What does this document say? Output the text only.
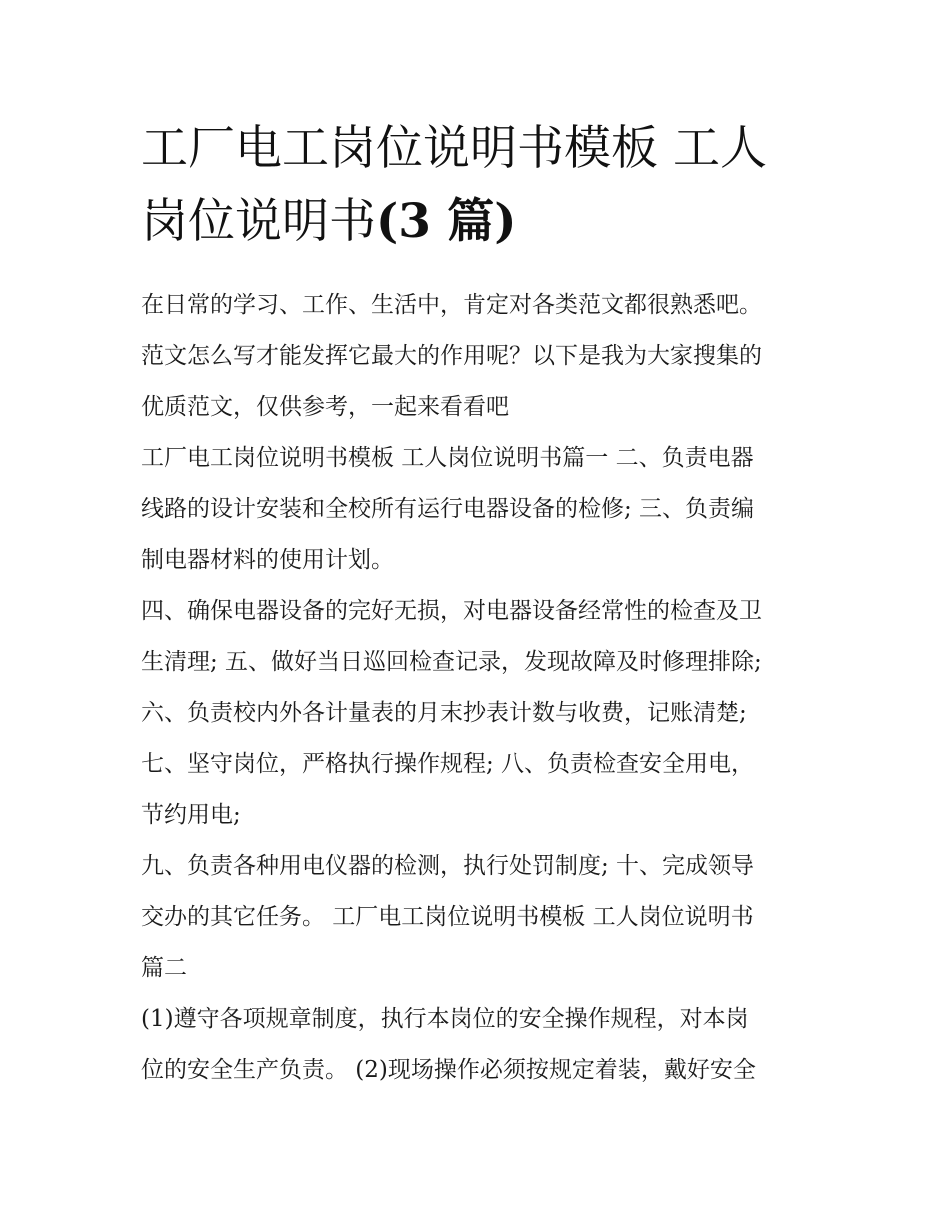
工厂电工岗位说明书模板 工人
岗位说明书(3 篇)

在日常的学习、工作、生活中，肯定对各类范文都很熟悉吧。
范文怎么写才能发挥它最大的作用呢？以下是我为大家搜集的
优质范文，仅供参考，一起来看看吧

工厂电工岗位说明书模板 工人岗位说明书篇一 二、负责电器
线路的设计安装和全校所有运行电器设备的检修; 三、负责编
制电器材料的使用计划。

四、确保电器设备的完好无损，对电器设备经常性的检查及卫
生清理; 五、做好当日巡回检查记录，发现故障及时修理排除;
六、负责校内外各计量表的月末抄表计数与收费，记账清楚;
七、坚守岗位，严格执行操作规程; 八、负责检查安全用电，
节约用电;

九、负责各种用电仪器的检测，执行处罚制度; 十、完成领导
交办的其它任务。 工厂电工岗位说明书模板 工人岗位说明书
篇二

(1)遵守各项规章制度，执行本岗位的安全操作规程，对本岗
位的安全生产负责。 (2)现场操作必须按规定着装，戴好安全
